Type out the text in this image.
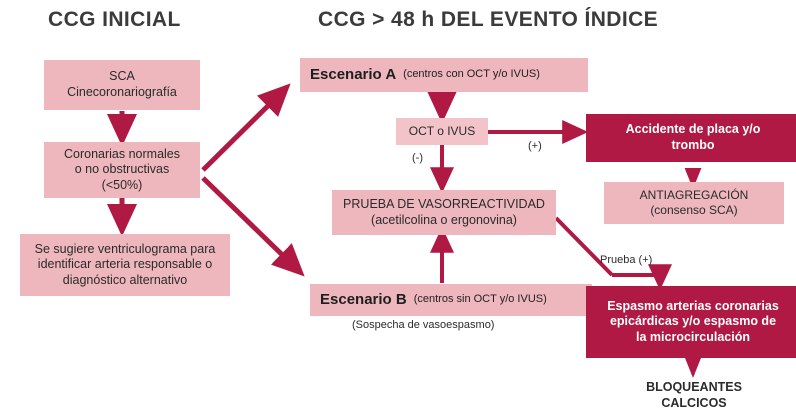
CCG INICIAL	CCG > 48 h DEL EVENTO ÍNDICE
SCA
Cinecoronariografía
Coronarias normales
o no obstructivas
(<50%)
Se sugiere ventriculograma para
identificar arteria responsable o
diagnóstico alternativo
Escenario A (centros con OCT y/o IVUS)
OCT o IVUS
(-)
(+)
PRUEBA DE VASORREACTIVIDAD
(acetilcolina o ergonovina)
Accidente de placa y/o
trombo
ANTIAGREGACIÓN
(consenso SCA)
Escenario B (centros sin OCT y/o IVUS)
(Sospecha de vasoespasmo)
Prueba (+)
Espasmo arterias coronarias
epicárdicas y/o espasmo de
la microcirculación
BLOQUEANTES
CALCICOS
